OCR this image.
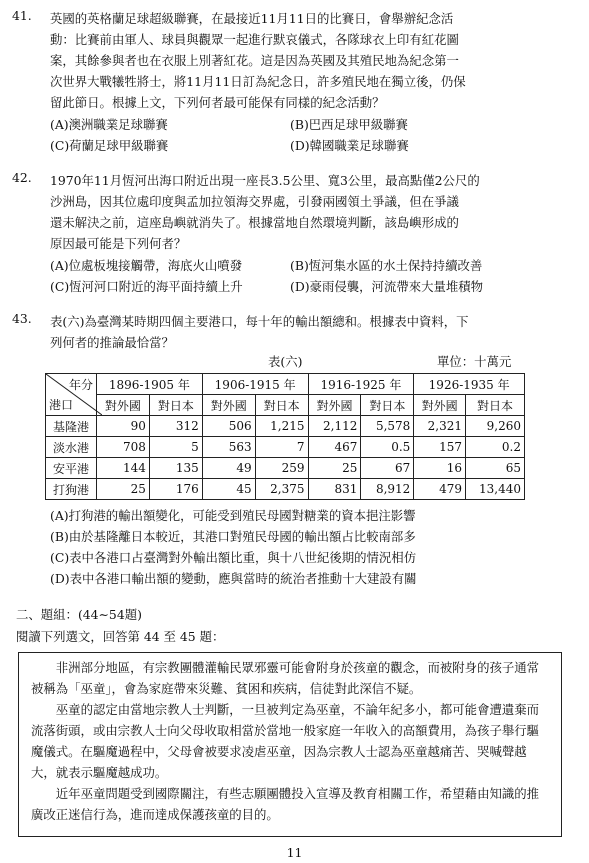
41. 英國的英格蘭足球超級聯賽，在最接近11月11日的比賽日，會舉辦紀念活
動：比賽前由軍人、球員與觀眾一起進行默哀儀式，各隊球衣上印有紅花圖
案，其餘參與者也在衣服上別著紅花。這是因為英國及其殖民地為紀念第一
次世界大戰犧牲將士，將11月11日訂為紀念日，許多殖民地在獨立後，仍保
留此節日。根據上文，下列何者最可能保有同樣的紀念活動？
(A)澳洲職業足球聯賽	(B)巴西足球甲級聯賽
(C)荷蘭足球甲級聯賽	(D)韓國職業足球聯賽
42. 1970年11月恆河出海口附近出現一座長3.5公里、寬3公里，最高點僅2公尺的
沙洲島，因其位處印度與孟加拉領海交界處，引發兩國領土爭議，但在爭議
還未解決之前，這座島嶼就消失了。根據當地自然環境判斷，該島嶼形成的
原因最可能是下列何者？
(A)位處板塊接觸帶，海底火山噴發	(B)恆河集水區的水土保持持續改善
(C)恆河河口附近的海平面持續上升	(D)豪雨侵襲，河流帶來大量堆積物
43. 表(六)為臺灣某時期四個主要港口，每十年的輸出額總和。根據表中資料，下
列何者的推論最恰當？
表(六)	單位：十萬元
年分
港口	1896-1905 年		1906-1915 年		1916-1925 年		1926-1935 年	
	對外國	對日本	對外國	對日本	對外國	對日本	對外國	對日本
基隆港	90	312	506	1,215	2,112	5,578	2,321	9,260
淡水港	708	5	563	7	467	0.5	157	0.2
安平港	144	135	49	259	25	67	16	65
打狗港	25	176	45	2,375	831	8,912	479	13,440
(A)打狗港的輸出額變化，可能受到殖民母國對糖業的資本挹注影響
(B)由於基隆離日本較近，其港口對殖民母國的輸出額占比較南部多
(C)表中各港口占臺灣對外輸出額比重，與十八世紀後期的情況相仿
(D)表中各港口輸出額的變動，應與當時的統治者推動十大建設有關
二、題組：(44∼54題)
閱讀下列選文，回答第 44 至 45 題：

非洲部分地區，有宗教團體灌輸民眾邪靈可能會附身於孩童的觀念，而被附身的孩子通常被稱為「巫童」，會為家庭帶來災難、貧困和疾病，信徒對此深信不疑。

巫童的認定由當地宗教人士判斷，一旦被判定為巫童，不論年紀多小，都可能會遭遺棄而流落街頭，或由宗教人士向父母收取相當於當地一般家庭一年收入的高額費用，為孩子舉行驅魔儀式。在驅魔過程中，父母會被要求凌虐巫童，因為宗教人士認為巫童越痛苦、哭喊聲越大，就表示驅魔越成功。

近年巫童問題受到國際關注，有些志願團體投入宣導及教育相關工作，希望藉由知識的推廣改正迷信行為，進而達成保護孩童的目的。

11
